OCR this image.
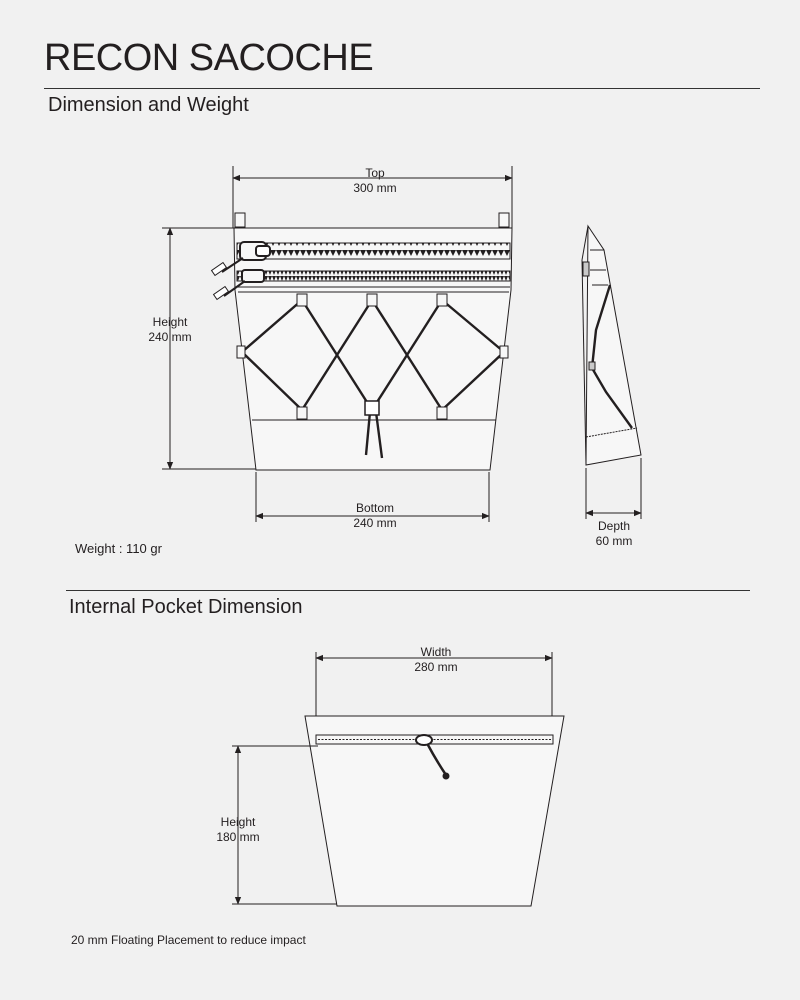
RECON SACOCHE
Dimension and Weight
Top
300 mm
Height
240 mm
Bottom
240 mm	Depth
60 mm
Width
280 mm
Height
180 mm
Weight : 110 gr
Internal Pocket Dimension
20 mm Floating Placement to reduce impact
